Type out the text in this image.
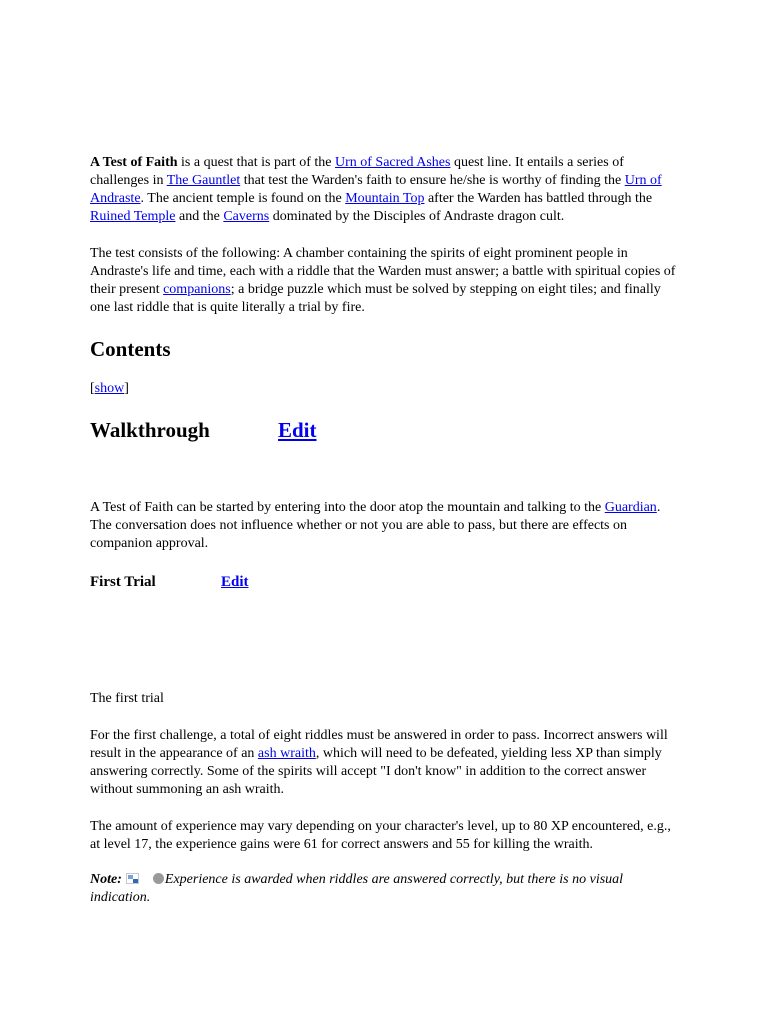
A Test of Faith is a quest that is part of the Urn of Sacred Ashes quest line. It entails a series of challenges in The Gauntlet that test the Warden's faith to ensure he/she is worthy of finding the Urn of Andraste. The ancient temple is found on the Mountain Top after the Warden has battled through the Ruined Temple and the Caverns dominated by the Disciples of Andraste dragon cult.

The test consists of the following: A chamber containing the spirits of eight prominent people in Andraste's life and time, each with a riddle that the Warden must answer; a battle with spiritual copies of their present companions; a bridge puzzle which must be solved by stepping on eight tiles; and finally one last riddle that is quite literally a trial by fire.

Contents

[show]

Walkthrough	Edit

A Test of Faith can be started by entering into the door atop the mountain and talking to the Guardian. The conversation does not influence whether or not you are able to pass, but there are effects on companion approval.

First Trial	Edit

The first trial

For the first challenge, a total of eight riddles must be answered in order to pass. Incorrect answers will result in the appearance of an ash wraith, which will need to be defeated, yielding less XP than simply answering correctly. Some of the spirits will accept "I don't know" in addition to the correct answer without summoning an ash wraith.

The amount of experience may vary depending on your character's level, up to 80 XP encountered, e.g., at level 17, the experience gains were 61 for correct answers and 55 for killing the wraith.

Note:	Experience is awarded when riddles are answered correctly, but there is no visual indication.
